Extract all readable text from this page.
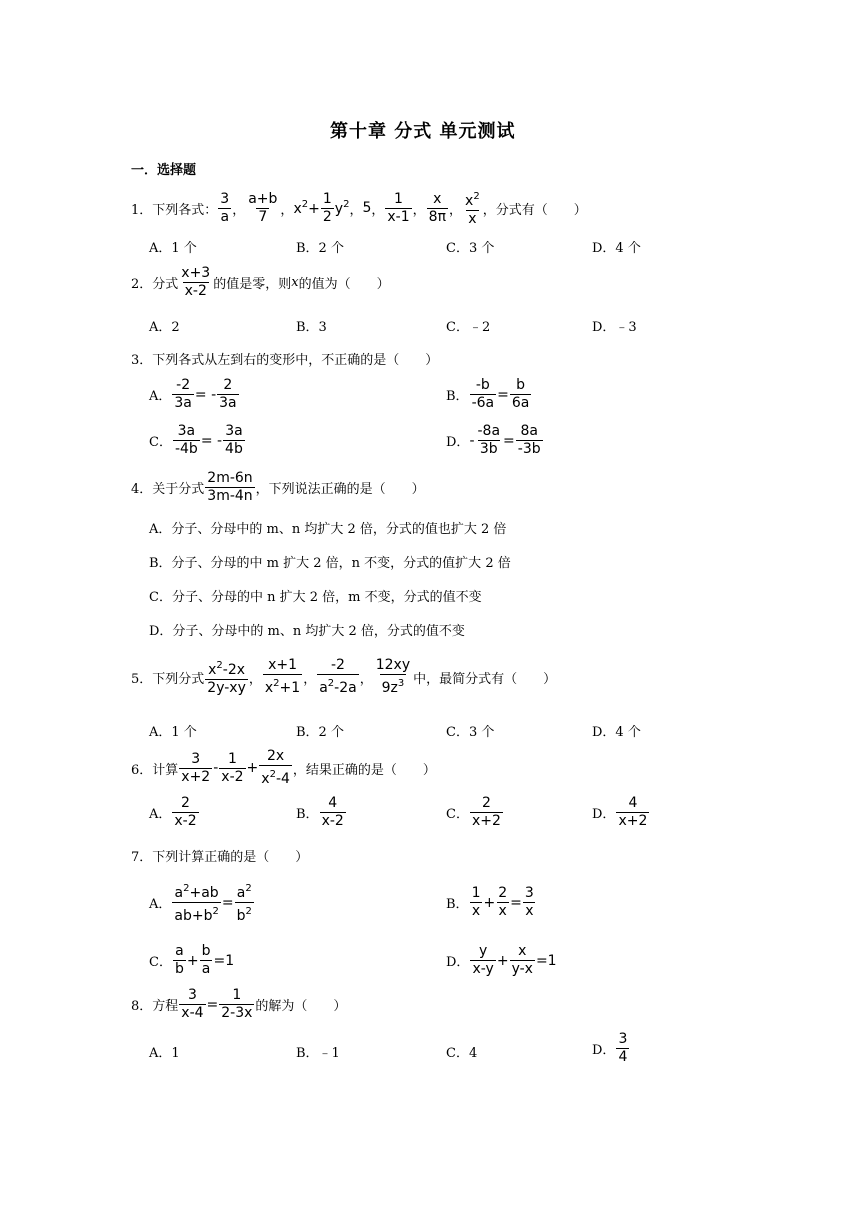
第十章 分式 单元测试
一．选择题
1．下列各式： $\frac{3}{a}$ ， $\frac{a+b}{7}$ ， $x^2+ \frac{1}{2} y^2$ ， 5 ， $\frac{1}{x-1}$ ， $\frac{x}{8\pi}$ ， $\frac{x^2}{x}$ ，分式有（　　）
A．1 个	B．2 个	C．3 个	D．4 个
2．分式 $\frac{x+3}{x-2}$ 的值是零，则 x 的值为（　　）
A．2	B．3	C．﹣2	D．﹣3
3．下列各式从左到右的变形中，不正确的是（　　）
A． $\frac{-2}{3a}$ = - $\frac{2}{3a}$	B． $\frac{-b}{-6a} = \frac{b}{6a}$
C． $\frac{3a}{-4b}$ = - $\frac{3a}{4b}$	D． - $\frac{-8a}{3b} = \frac{8a}{-3b}$
4．关于分式 $\frac{2m-6n}{3m-4n}$ ，下列说法正确的是（　　）
A．分子、分母中的 m、n 均扩大 2 倍，分式的值也扩大 2 倍
B．分子、分母的中 m 扩大 2 倍，n 不变，分式的值扩大 2 倍
C．分子、分母的中 n 扩大 2 倍，m 不变，分式的值不变
D．分子、分母中的 m、n 均扩大 2 倍，分式的值不变
5．下列分式 $\frac{x^2-2x}{2y-xy}$ ， $\frac{x+1}{x^2+1}$ ， $\frac{-2}{a^2-2a}$ ， $\frac{12xy}{9z^3}$ 中，最简分式有（　　）
A．1 个	B．2 个	C．3 个	D．4 个
6．计算 $\frac{3}{x+2} - \frac{1}{x-2} + \frac{2x}{x^2-4}$ ，结果正确的是（　　）
A． $\frac{2}{x-2}$	B． $\frac{4}{x-2}$	C． $\frac{2}{x+2}$	D． $\frac{4}{x+2}$
7．下列计算正确的是（　　）
A． $\frac{a^2+ab}{ab+b^2} = \frac{a^2}{b^2}$	B． $\frac{1}{x} + \frac{2}{x} = \frac{3}{x}$
C． $\frac{a}{b} + \frac{b}{a} =1$	D． $\frac{y}{x-y} + \frac{x}{y-x} =1$
8．方程 $\frac{3}{x-4} = \frac{1}{2-3x}$ 的解为（　　）
A．1	B．﹣1	C．4	D． $\frac{3}{4}$
